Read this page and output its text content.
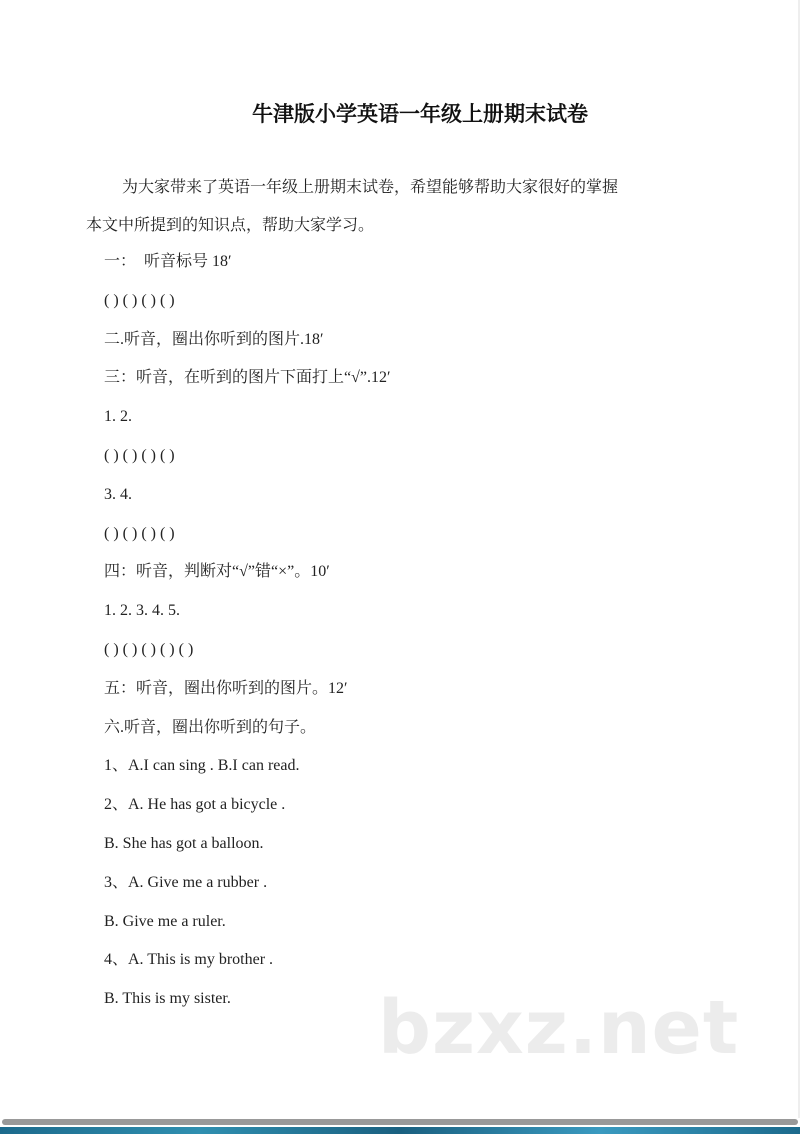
牛津版小学英语一年级上册期末试卷
为大家带来了英语一年级上册期末试卷，希望能够帮助大家很好的掌握
本文中所提到的知识点，帮助大家学习。
一：  听音标号 18′
( ) ( ) ( ) ( )
二.听音，圈出你听到的图片.18′
三：听音，在听到的图片下面打上“√”.12′
1. 2.
( ) ( ) ( ) ( )
3. 4.
( ) ( ) ( ) ( )
四：听音，判断对“√”错“×”。10′
1. 2. 3. 4. 5.
( ) ( ) ( ) ( ) ( )
五：听音，圈出你听到的图片。12′
六.听音，圈出你听到的句子。
1、A.I can sing . B.I can read.
2、A. He has got a bicycle .
B. She has got a balloon.
3、A. Give me a rubber .
B. Give me a ruler.
4、A. This is my brother .
B. This is my sister.	bzxz.net
